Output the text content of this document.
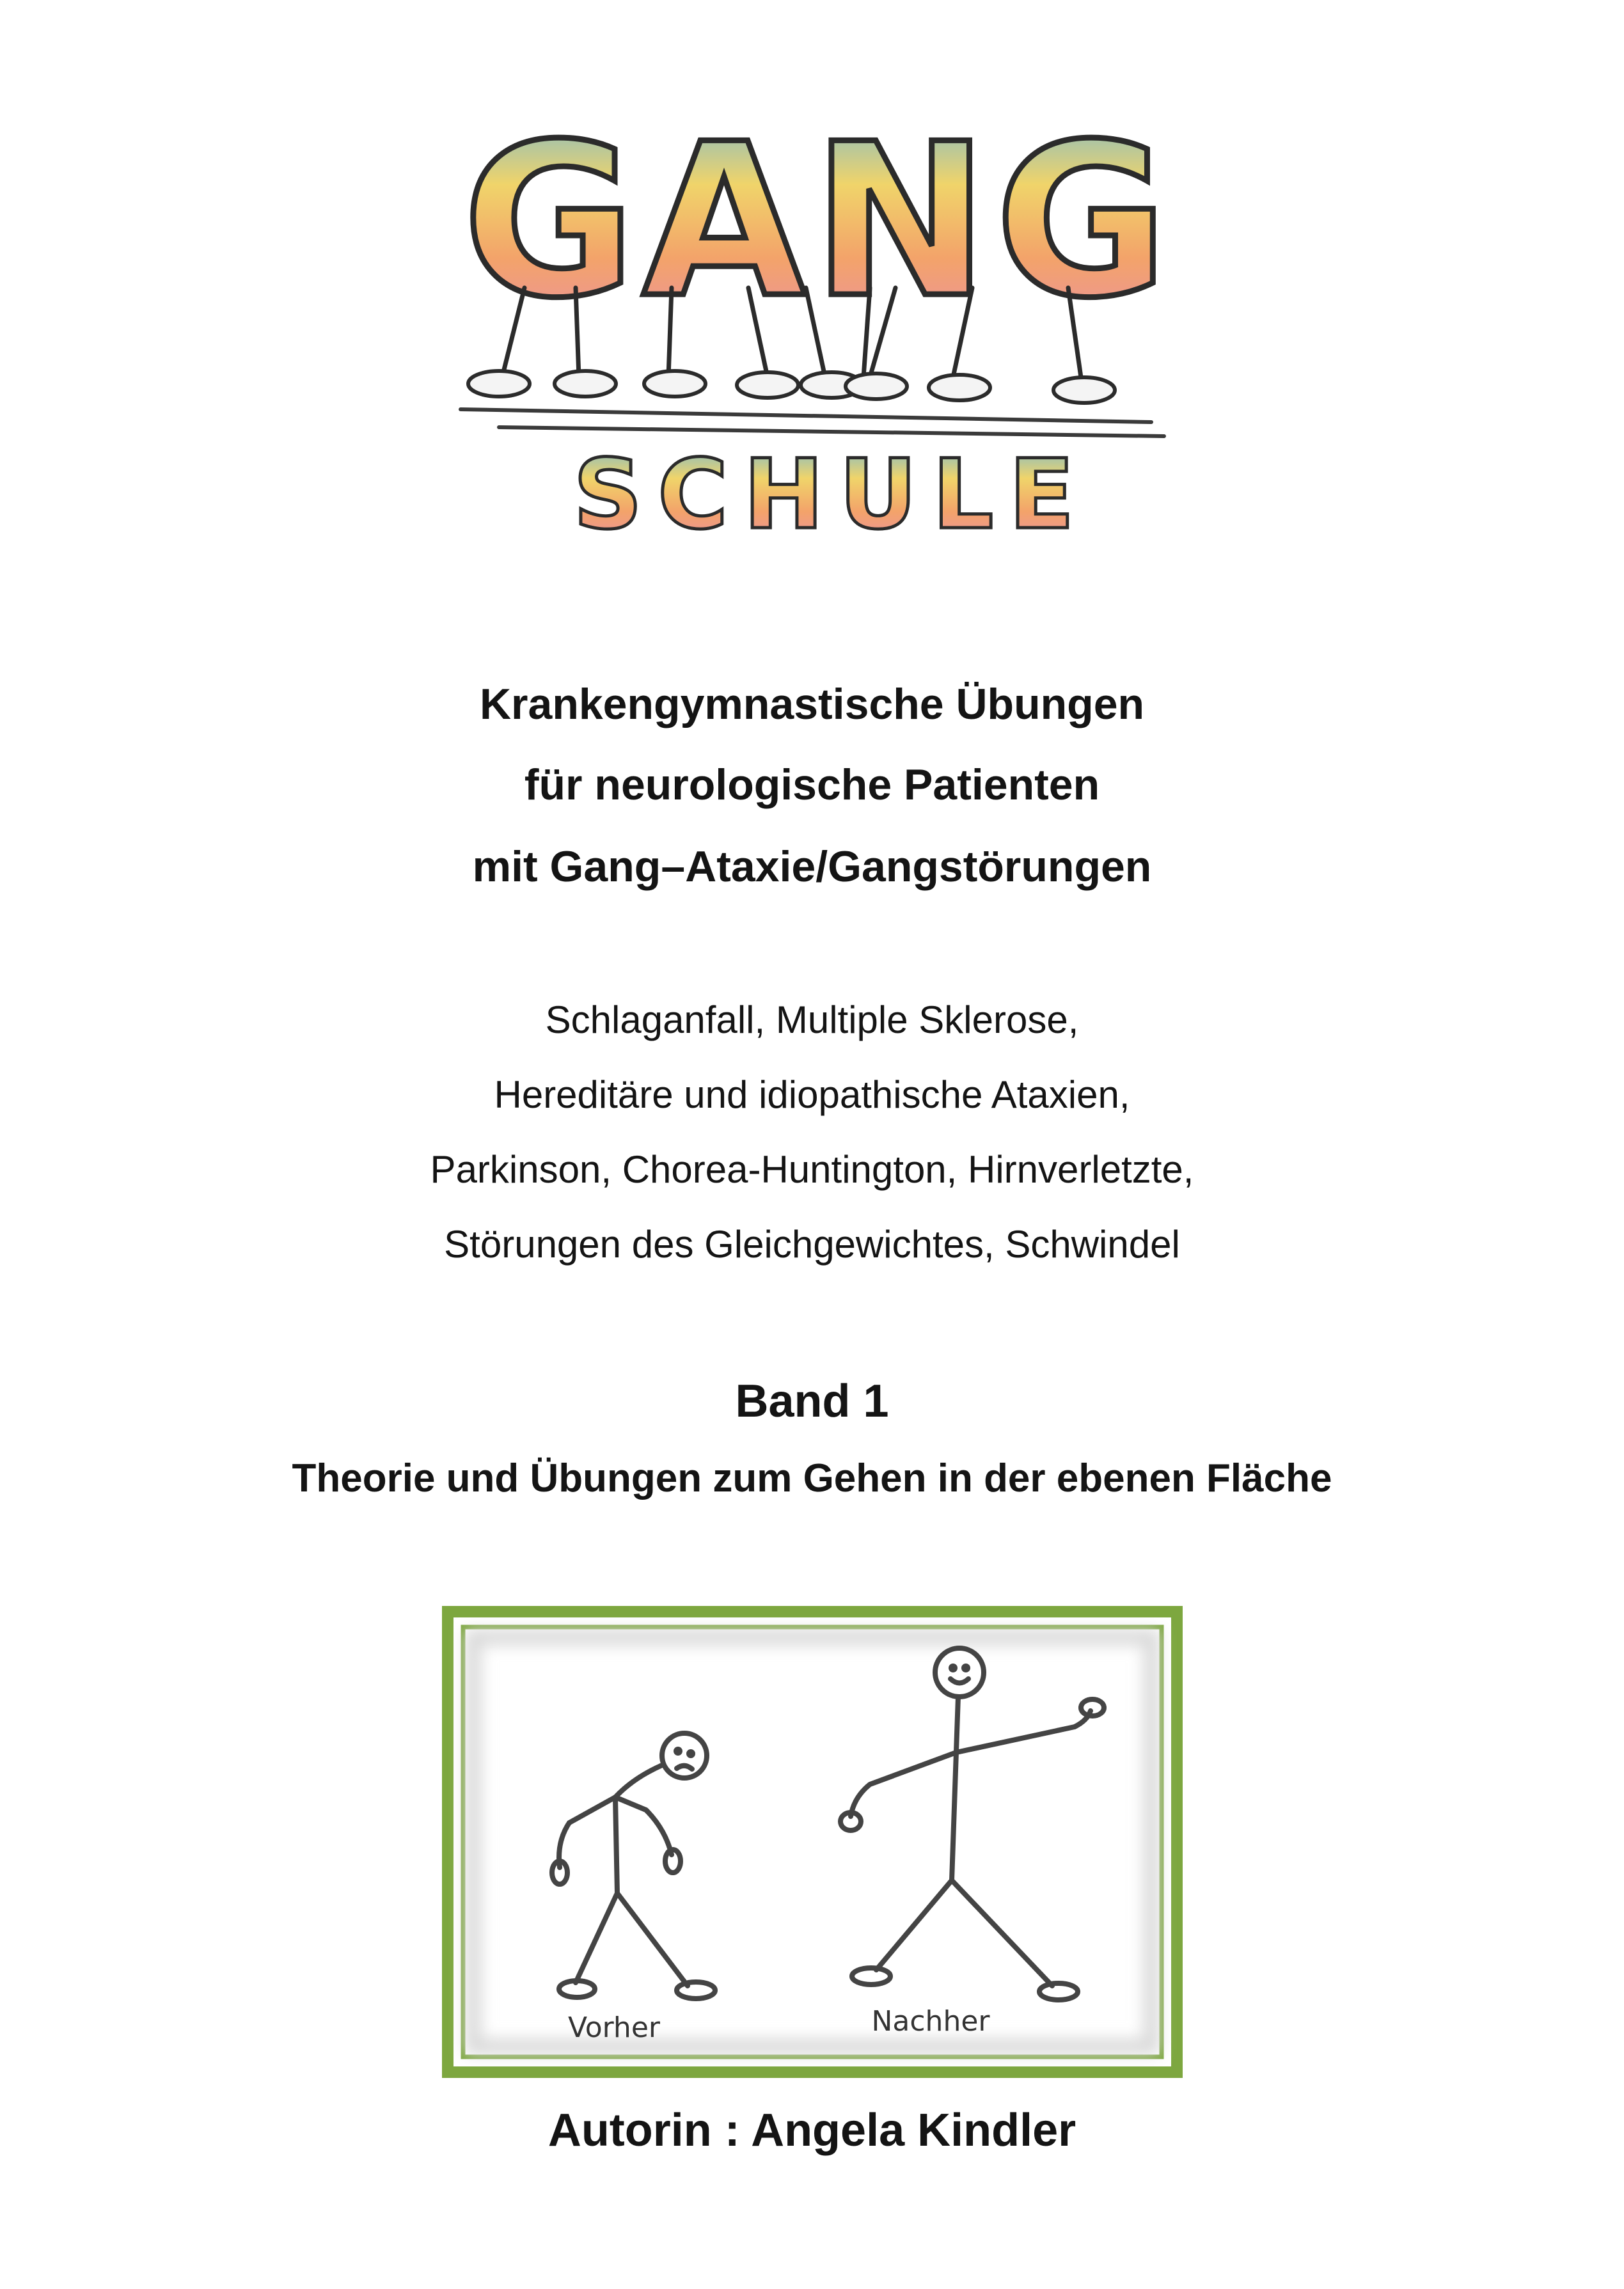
GANG
SCHULE
Krankengymnastische Übungen
für neurologische Patienten
mit Gang–Ataxie/Gangstörungen
Schlaganfall, Multiple Sklerose,
Hereditäre und idiopathische Ataxien,
Parkinson, Chorea-Huntington, Hirnverletzte,
Störungen des Gleichgewichtes, Schwindel
Band 1
Theorie und Übungen zum Gehen in der ebenen Fläche
Vorher	Nachher
Autorin : Angela Kindler
